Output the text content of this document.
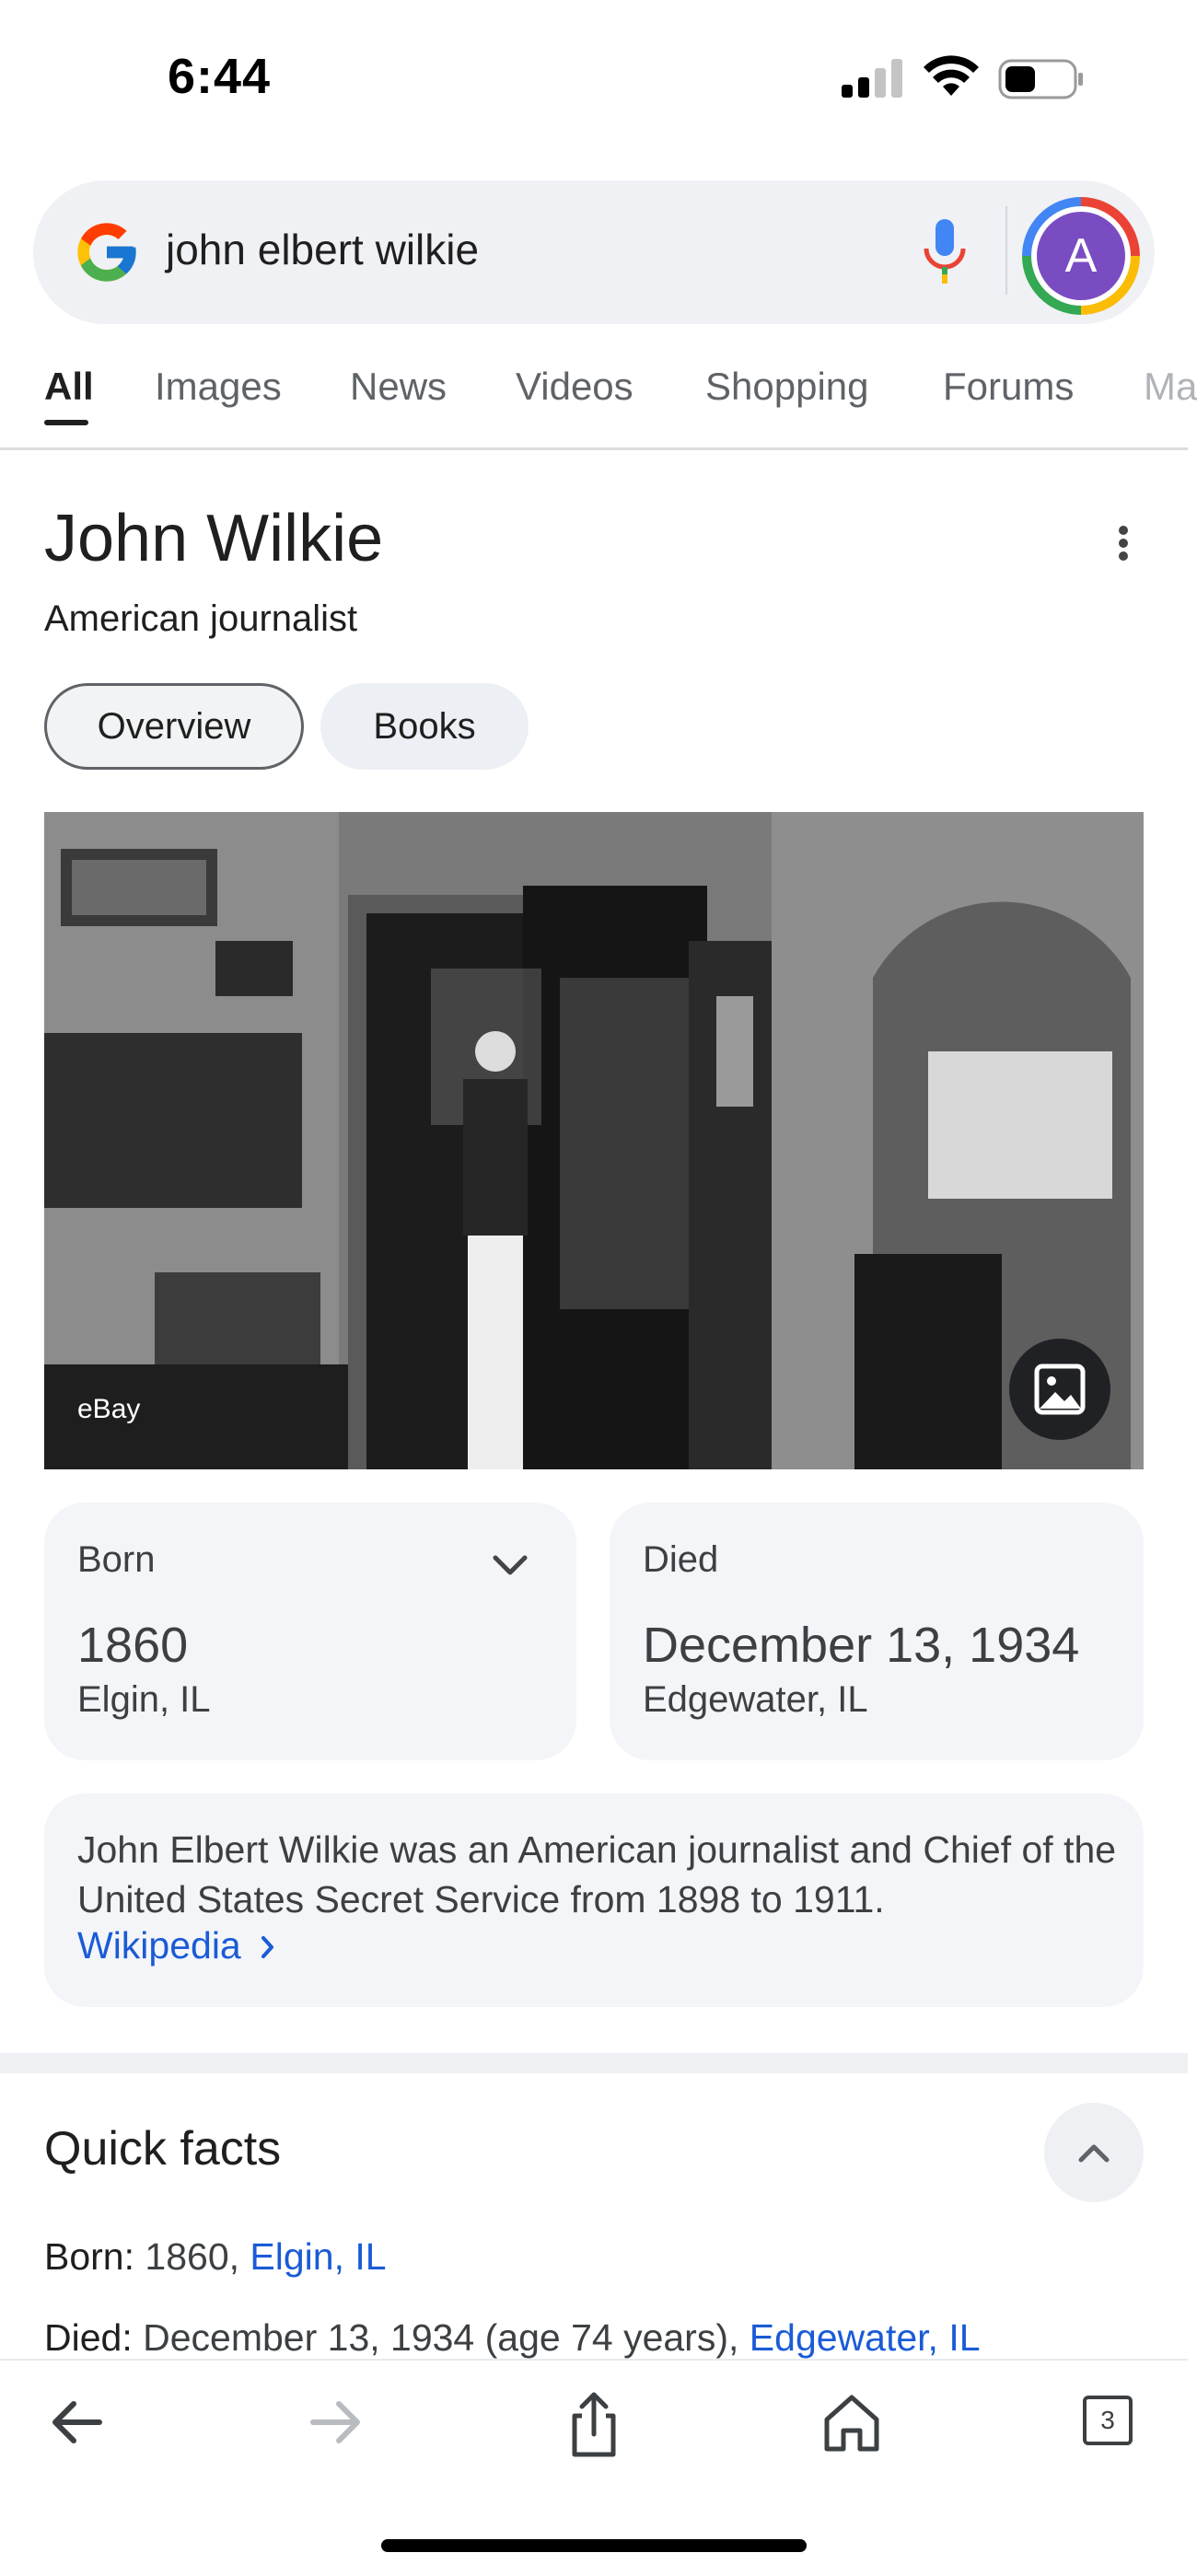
6:44
john elbert wilkie	A
All Images News Videos Shopping Forums Ma
John Wilkie
American journalist
Overview	Books
eBay
Born
1860
Elgin, IL
Died
December 13, 1934
Edgewater, IL
John Elbert Wilkie was an American journalist and Chief of the United States Secret Service from 1898 to 1911.
Wikipedia
Quick facts
Born: 1860, Elgin, IL
Died: December 13, 1934 (age 74 years), Edgewater, IL
3
